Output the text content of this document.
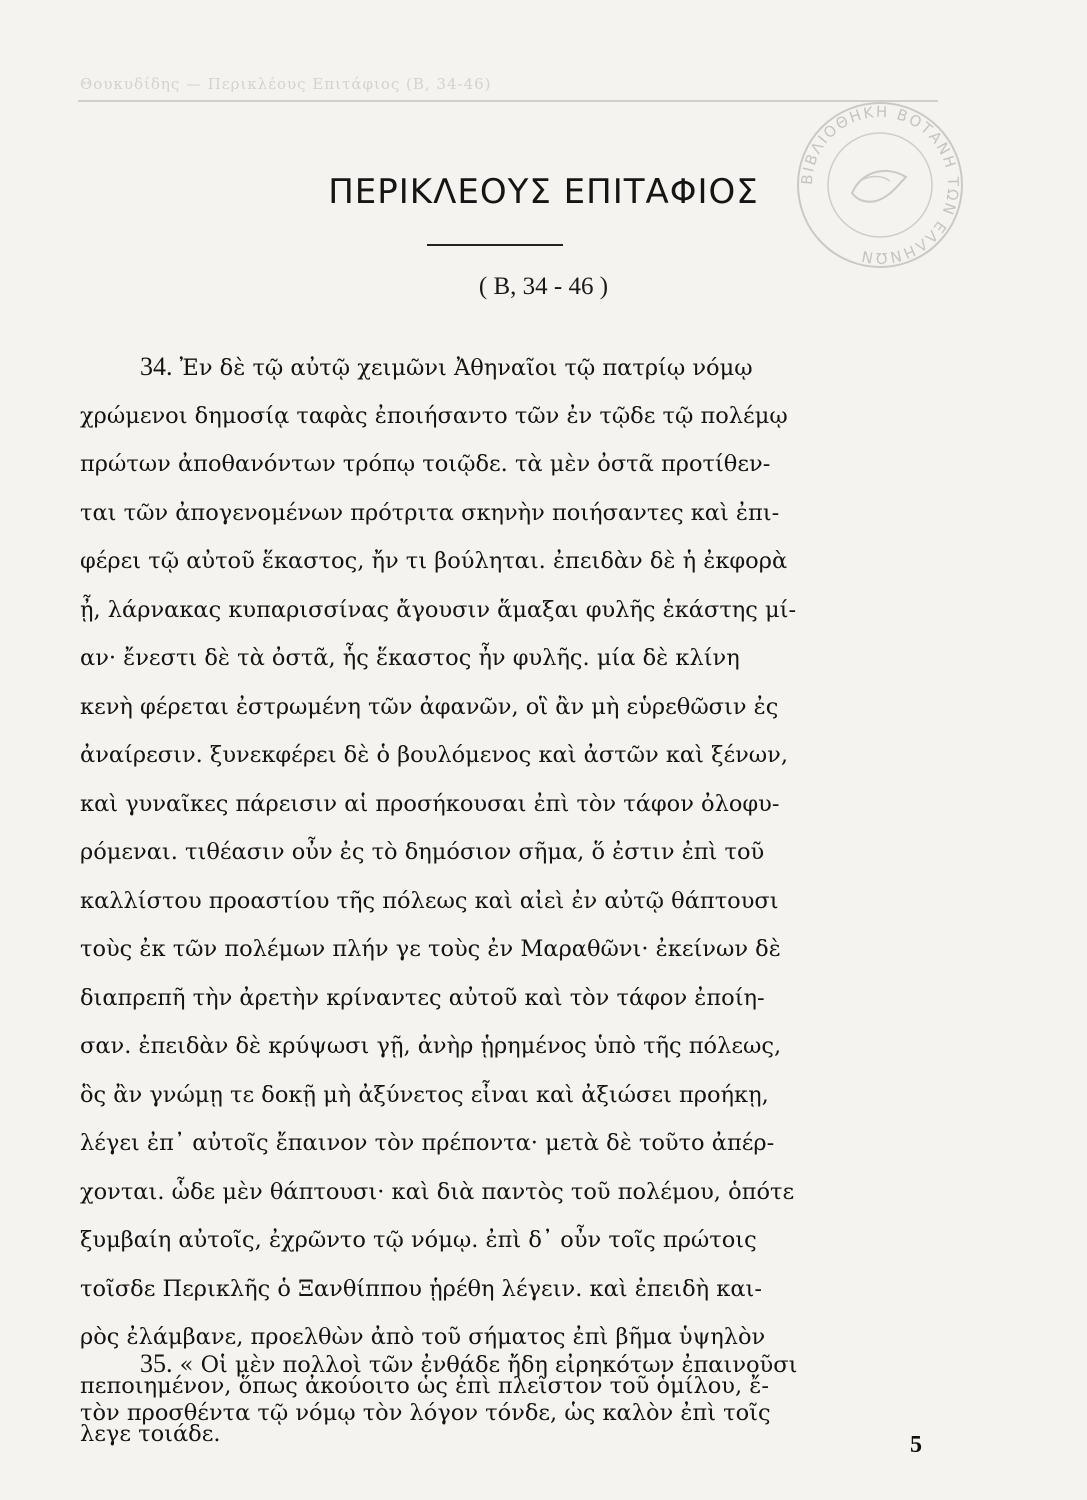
Θουκυδίδης — Περικλέους Επιτάφιος (Β, 34-46)
ΒΙΒΛΙΟΘΗΚΗ ΒΟΤΑΝΗ ΤΩΝ ΕΛΛΗΝΩΝ
ΠΕΡΙΚΛΕΟΥΣ ΕΠΙΤΑΦΙΟΣ
( Β, 34 - 46 )
34. Ἐν δὲ τῷ αὐτῷ χειμῶνι Ἀθηναῖοι τῷ πατρίῳ νόμῳ
χρώμενοι δημοσίᾳ ταφὰς ἐποιήσαντο τῶν ἐν τῷδε τῷ πολέμῳ
πρώτων ἀποθανόντων τρόπῳ τοιῷδε. τὰ μὲν ὀστᾶ προτίθεν-
ται τῶν ἀπογενομένων πρότριτα σκηνὴν ποιήσαντες καὶ ἐπι-
φέρει τῷ αὐτοῦ ἕκαστος, ἤν τι βούληται. ἐπειδὰν δὲ ἡ ἐκφορὰ
ᾖ, λάρνακας κυπαρισσίνας ἄγουσιν ἅμαξαι φυλῆς ἑκάστης μί-
αν· ἔνεστι δὲ τὰ ὀστᾶ, ἧς ἕκαστος ἦν φυλῆς. μία δὲ κλίνη
κενὴ φέρεται ἐστρωμένη τῶν ἀφανῶν, οἳ ἂν μὴ εὑρεθῶσιν ἐς
ἀναίρεσιν. ξυνεκφέρει δὲ ὁ βουλόμενος καὶ ἀστῶν καὶ ξένων,
καὶ γυναῖκες πάρεισιν αἱ προσήκουσαι ἐπὶ τὸν τάφον ὀλοφυ-
ρόμεναι. τιθέασιν οὖν ἐς τὸ δημόσιον σῆμα, ὅ ἐστιν ἐπὶ τοῦ
καλλίστου προαστίου τῆς πόλεως καὶ αἰεὶ ἐν αὐτῷ θάπτουσι
τοὺς ἐκ τῶν πολέμων πλήν γε τοὺς ἐν Μαραθῶνι· ἐκείνων δὲ
διαπρεπῆ τὴν ἀρετὴν κρίναντες αὐτοῦ καὶ τὸν τάφον ἐποίη-
σαν. ἐπειδὰν δὲ κρύψωσι γῇ, ἀνὴρ ᾑρημένος ὑπὸ τῆς πόλεως,
ὃς ἂν γνώμῃ τε δοκῇ μὴ ἀξύνετος εἶναι καὶ ἀξιώσει προήκῃ,
λέγει ἐπ᾽ αὐτοῖς ἔπαινον τὸν πρέποντα· μετὰ δὲ τοῦτο ἀπέρ-
χονται. ὧδε μὲν θάπτουσι· καὶ διὰ παντὸς τοῦ πολέμου, ὁπότε
ξυμβαίη αὐτοῖς, ἐχρῶντο τῷ νόμῳ. ἐπὶ δ᾽ οὖν τοῖς πρώτοις
τοῖσδε Περικλῆς ὁ Ξανθίππου ᾑρέθη λέγειν. καὶ ἐπειδὴ και-
ρὸς ἐλάμβανε, προελθὼν ἀπὸ τοῦ σήματος ἐπὶ βῆμα ὑψηλὸν
πεποιημένον, ὅπως ἀκούοιτο ὡς ἐπὶ πλεῖστον τοῦ ὁμίλου, ἔ-
λεγε τοιάδε.
35. « Οἱ μὲν πολλοὶ τῶν ἐνθάδε ἤδη εἰρηκότων ἐπαινοῦσι
τὸν προσθέντα τῷ νόμῳ τὸν λόγον τόνδε, ὡς καλὸν ἐπὶ τοῖς
5
